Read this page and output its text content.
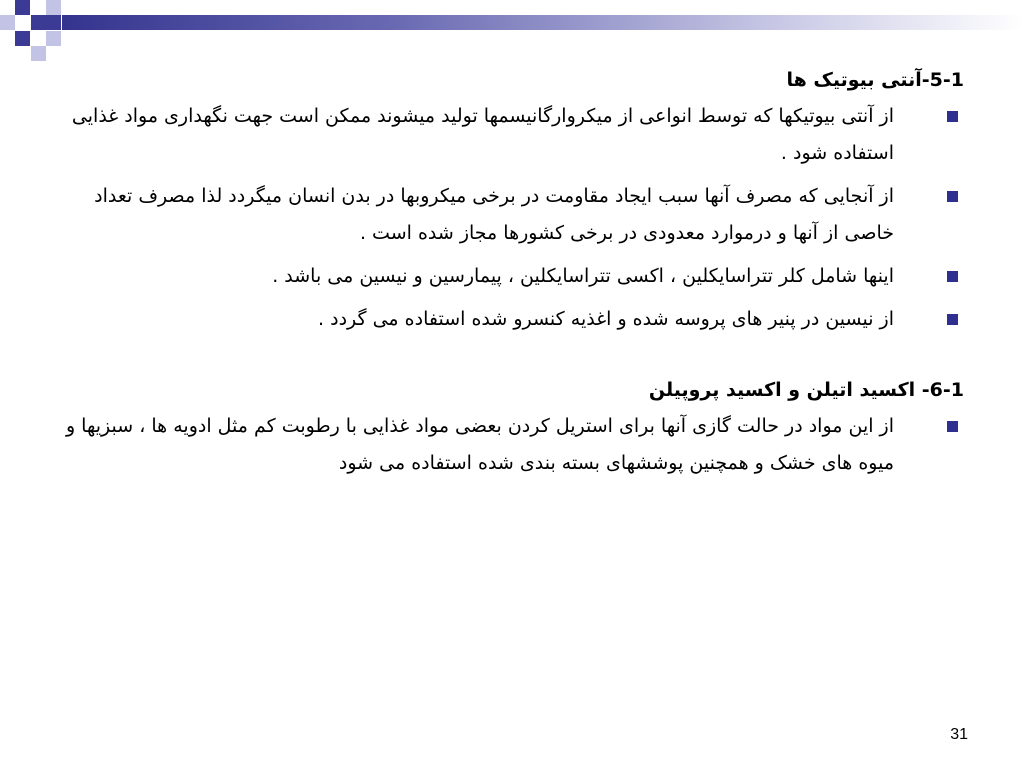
5-1-آنتی بیوتیک ها
از آنتی بیوتیکها که توسط انواعی از میکروارگانیسمها تولید میشوند ممکن است جهت نگهداری مواد غذایی استفاده شود .
از آنجایی که مصرف آنها سبب ایجاد مقاومت در برخی میکروبها در بدن انسان میگردد لذا مصرف تعداد خاصی از آنها و درموارد معدودی در برخی کشورها مجاز شده است .
اینها شامل کلر تتراسایکلین ، اکسی تتراسایکلین ، پیمارسین و نیسین می باشد .
از نیسین در پنیر های پروسه شده و اغذیه کنسرو شده استفاده می گردد .
6-1- اکسید اتیلن و اکسید پروپیلن
از این مواد در حالت گازی آنها برای استریل کردن بعضی مواد غذایی با رطوبت کم مثل ادویه ها ، سبزیها و میوه های خشک و همچنین پوششهای بسته بندی شده استفاده می شود
31
